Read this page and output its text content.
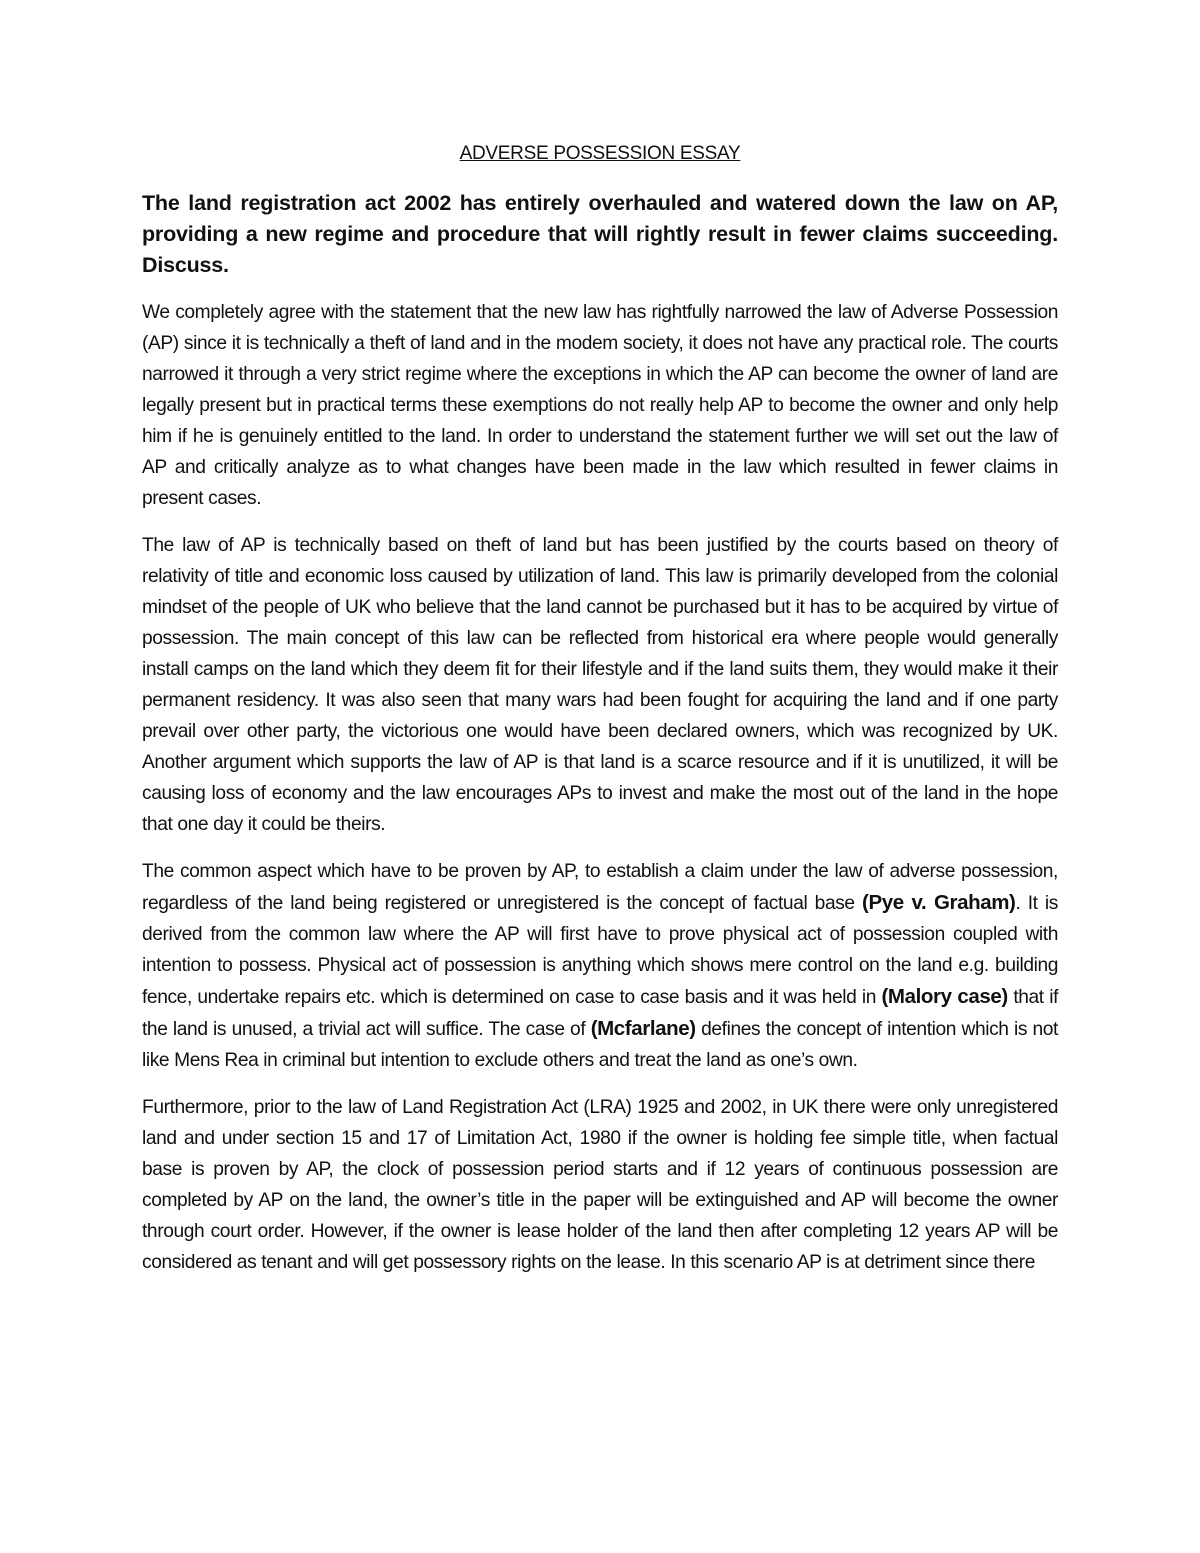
ADVERSE POSSESSION ESSAY

The land registration act 2002 has entirely overhauled and watered down the law on AP, providing a new regime and procedure that will rightly result in fewer claims succeeding. Discuss.

We completely agree with the statement that the new law has rightfully narrowed the law of Adverse Possession (AP) since it is technically a theft of land and in the modem society, it does not have any practical role. The courts narrowed it through a very strict regime where the exceptions in which the AP can become the owner of land are legally present but in practical terms these exemptions do not really help AP to become the owner and only help him if he is genuinely entitled to the land. In order to understand the statement further we will set out the law of AP and critically analyze as to what changes have been made in the law which resulted in fewer claims in present cases.

The law of AP is technically based on theft of land but has been justified by the courts based on theory of relativity of title and economic loss caused by utilization of land. This law is primarily developed from the colonial mindset of the people of UK who believe that the land cannot be purchased but it has to be acquired by virtue of possession. The main concept of this law can be reflected from historical era where people would generally install camps on the land which they deem fit for their lifestyle and if the land suits them, they would make it their permanent residency. It was also seen that many wars had been fought for acquiring the land and if one party prevail over other party, the victorious one would have been declared owners, which was recognized by UK. Another argument which supports the law of AP is that land is a scarce resource and if it is unutilized, it will be causing loss of economy and the law encourages APs to invest and make the most out of the land in the hope that one day it could be theirs.

The common aspect which have to be proven by AP, to establish a claim under the law of adverse possession, regardless of the land being registered or unregistered is the concept of factual base (Pye v. Graham). It is derived from the common law where the AP will first have to prove physical act of possession coupled with intention to possess. Physical act of possession is anything which shows mere control on the land e.g. building fence, undertake repairs etc. which is determined on case to case basis and it was held in (Malory case) that if the land is unused, a trivial act will suffice. The case of (Mcfarlane) defines the concept of intention which is not like Mens Rea in criminal but intention to exclude others and treat the land as one’s own.

Furthermore, prior to the law of Land Registration Act (LRA) 1925 and 2002, in UK there were only unregistered land and under section 15 and 17 of Limitation Act, 1980 if the owner is holding fee simple title, when factual base is proven by AP, the clock of possession period starts and if 12 years of continuous possession are completed by AP on the land, the owner’s title in the paper will be extinguished and AP will become the owner through court order. However, if the owner is lease holder of the land then after completing 12 years AP will be considered as tenant and will get possessory rights on the lease. In this scenario AP is at detriment since there
